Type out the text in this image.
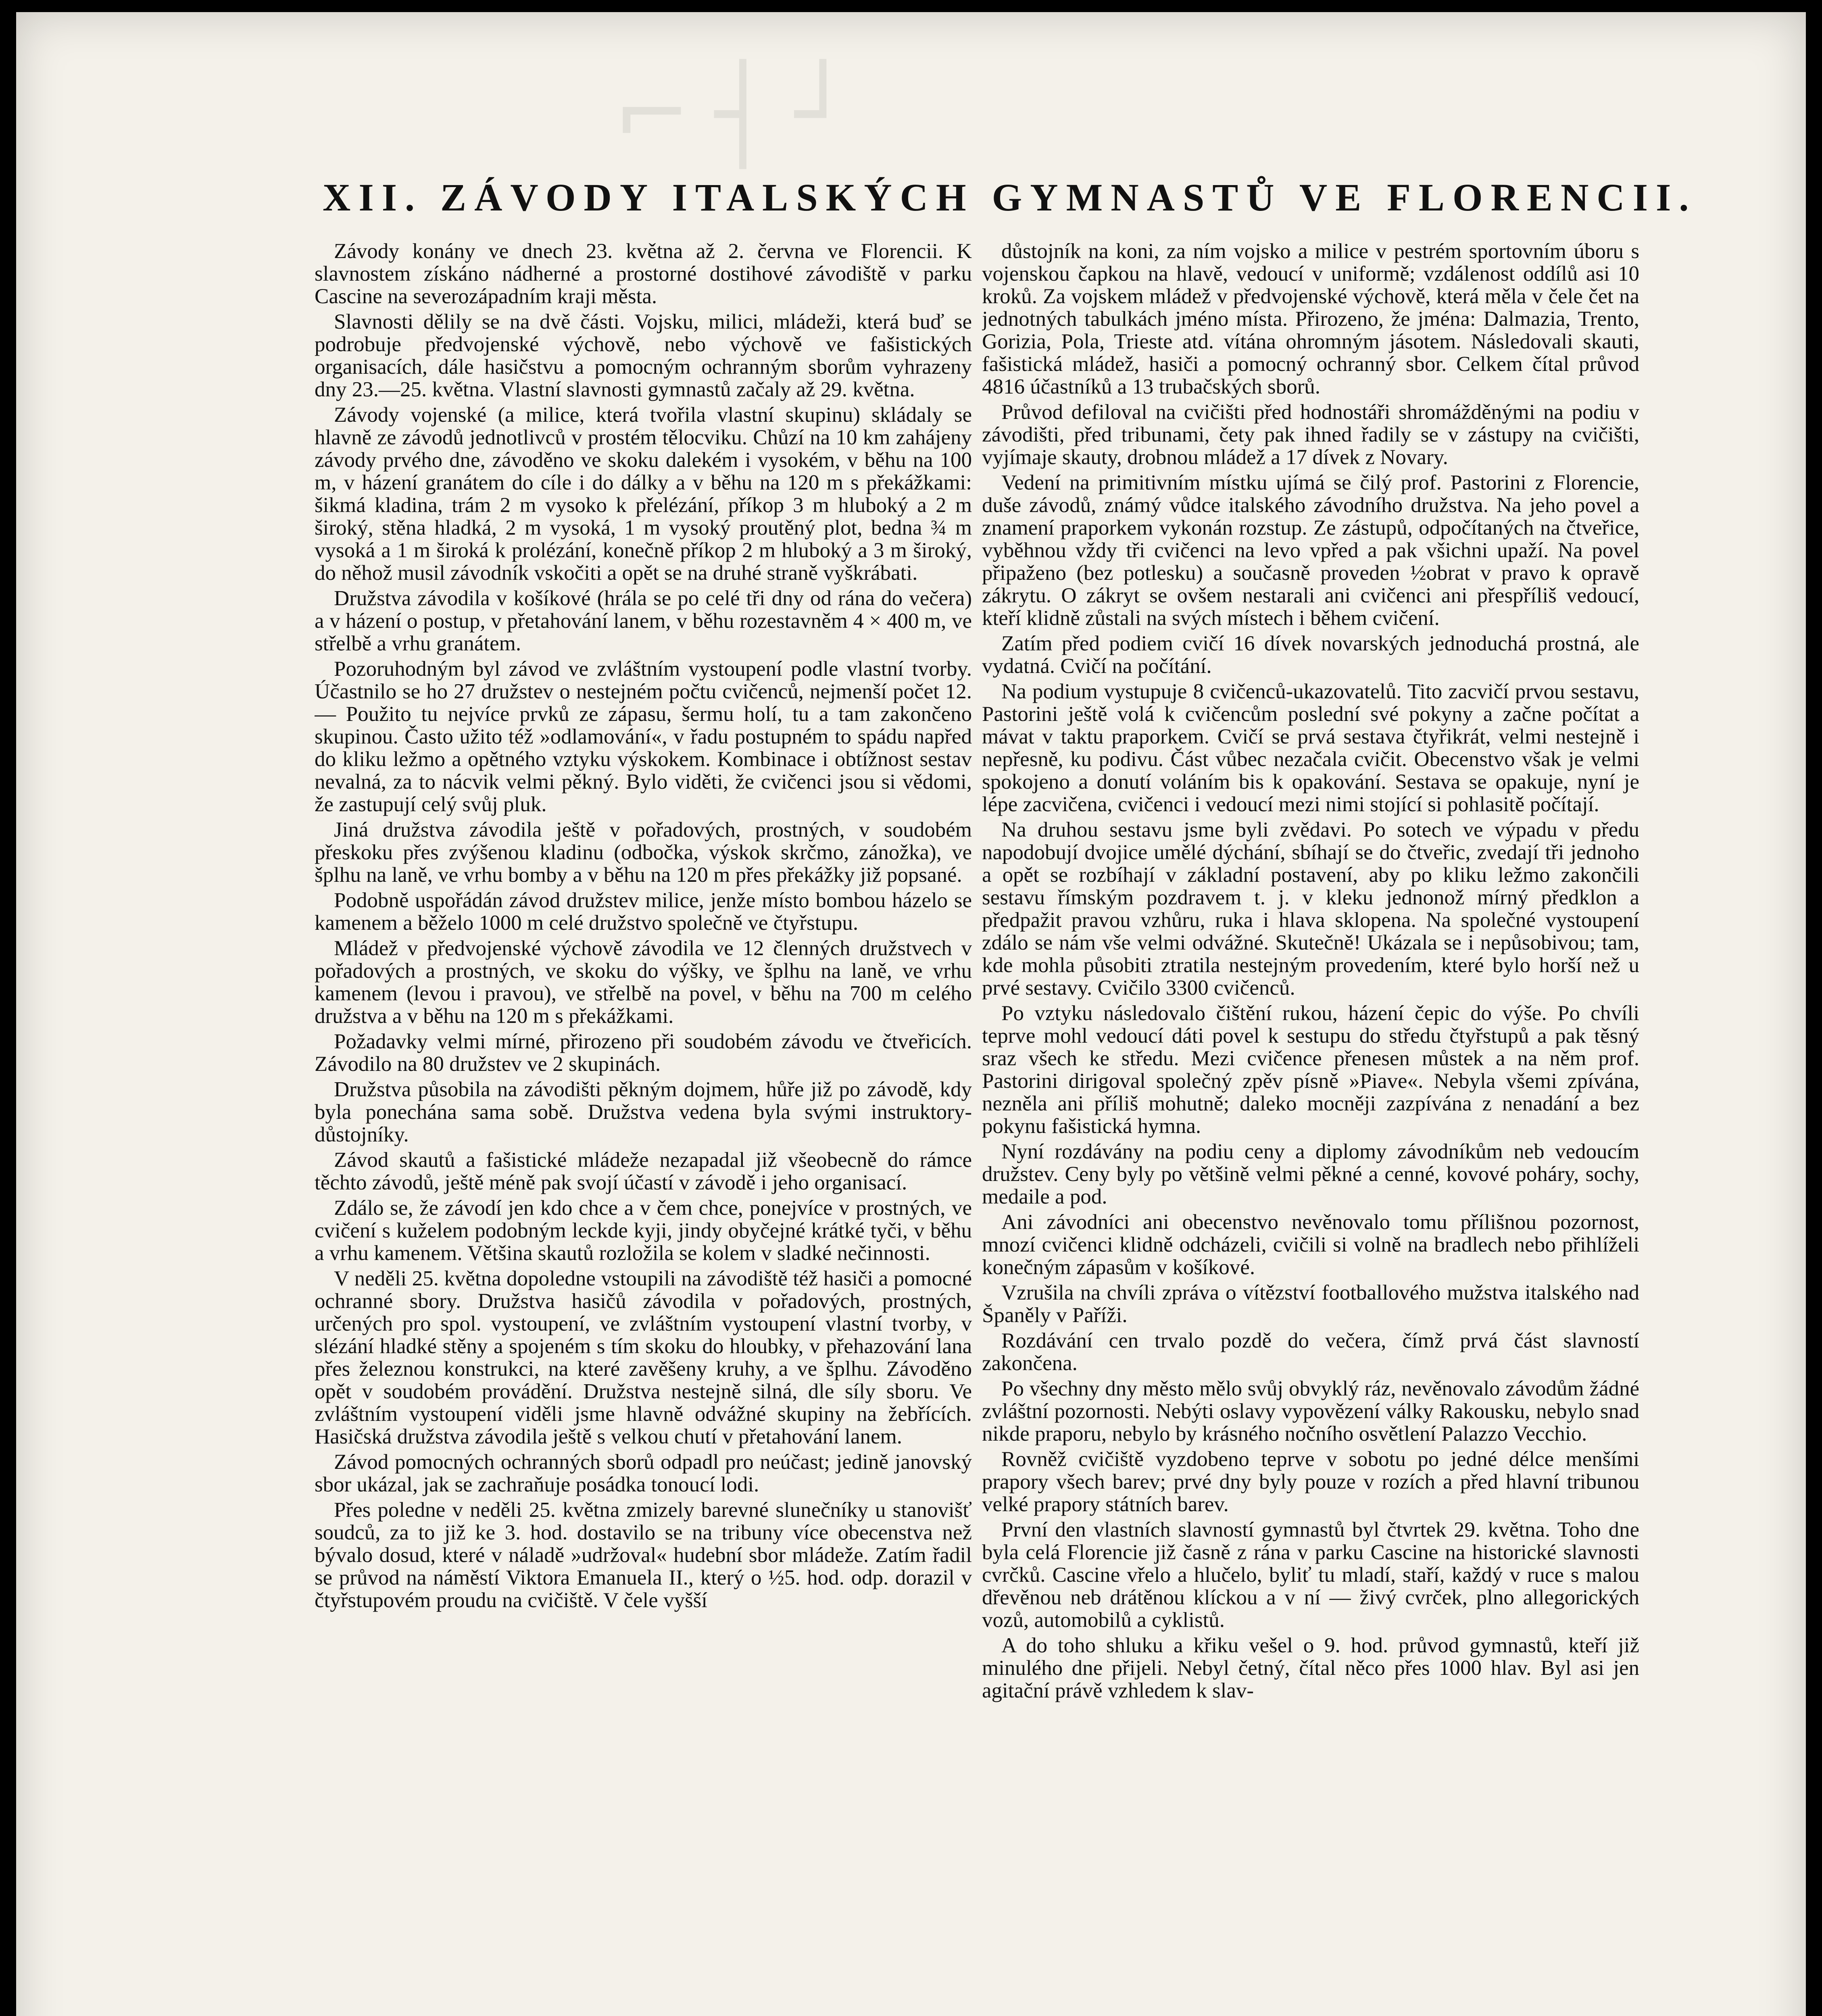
⌐┤┘
XII. ZÁVODY ITALSKÝCH GYMNASTŮ VE FLORENCII.

Závody konány ve dnech 23. května až 2. června ve Florencii. K slavnostem získáno nádherné a prostorné dostihové závodiště v parku Cascine na severozápadním kraji města.

Slavnosti dělily se na dvě části. Vojsku, milici, mládeži, která buď se podrobuje předvojenské výchově, nebo výchově ve fašistických organisacích, dále hasičstvu a pomocným ochranným sborům vyhrazeny dny 23.—25. května. Vlastní slavnosti gymnastů začaly až 29. května.

Závody vojenské (a milice, která tvořila vlastní skupinu) skládaly se hlavně ze závodů jednotlivců v prostém tělocviku. Chůzí na 10 km zahájeny závody prvého dne, závoděno ve skoku dalekém i vysokém, v běhu na 100 m, v házení granátem do cíle i do dálky a v běhu na 120 m s překážkami: šikmá kladina, trám 2 m vysoko k přelézání, příkop 3 m hluboký a 2 m široký, stěna hladká, 2 m vysoká, 1 m vysoký proutěný plot, bedna ¾ m vysoká a 1 m široká k prolézání, konečně příkop 2 m hluboký a 3 m široký, do něhož musil závodník vskočiti a opět se na druhé straně vyškrábati.

Družstva závodila v košíkové (hrála se po celé tři dny od rána do večera) a v házení o postup, v přetahování lanem, v běhu rozestavněm 4 × 400 m, ve střelbě a vrhu granátem.

Pozoruhodným byl závod ve zvláštním vystoupení podle vlastní tvorby. Účastnilo se ho 27 družstev o nestejném počtu cvičenců, nejmenší počet 12. — Použito tu nejvíce prvků ze zápasu, šermu holí, tu a tam zakončeno skupinou. Často užito též »odlamování«, v řadu postupném to spádu napřed do kliku ležmo a opětného vztyku výskokem. Kombinace i obtížnost sestav nevalná, za to nácvik velmi pěkný. Bylo viděti, že cvičenci jsou si vědomi, že zastupují celý svůj pluk.

Jiná družstva závodila ještě v pořadových, prostných, v soudobém přeskoku přes zvýšenou kladinu (odbočka, výskok skrčmo, zánožka), ve šplhu na laně, ve vrhu bomby a v běhu na 120 m přes překážky již popsané.

Podobně uspořádán závod družstev milice, jenže místo bombou házelo se kamenem a běželo 1000 m celé družstvo společně ve čtyřstupu.

Mládež v předvojenské výchově závodila ve 12 členných družstvech v pořadových a prostných, ve skoku do výšky, ve šplhu na laně, ve vrhu kamenem (levou i pravou), ve střelbě na povel, v běhu na 700 m celého družstva a v běhu na 120 m s překážkami.

Požadavky velmi mírné, přirozeno při soudobém závodu ve čtveřicích. Závodilo na 80 družstev ve 2 skupinách.

Družstva působila na závodišti pěkným dojmem, hůře již po závodě, kdy byla ponechána sama sobě. Družstva vedena byla svými instruktory-důstojníky.

Závod skautů a fašistické mládeže nezapadal již všeobecně do rámce těchto závodů, ještě méně pak svojí účastí v závodě i jeho organisací.

Zdálo se, že závodí jen kdo chce a v čem chce, ponejvíce v prostných, ve cvičení s kuželem podobným leckde kyji, jindy obyčejné krátké tyči, v běhu a vrhu kamenem. Většina skautů rozložila se kolem v sladké nečinnosti.

V neděli 25. května dopoledne vstoupili na závodiště též hasiči a pomocné ochranné sbory. Družstva hasičů závodila v pořadových, prostných, určených pro spol. vystoupení, ve zvláštním vystoupení vlastní tvorby, v slézání hladké stěny a spojeném s tím skoku do hloubky, v přehazování lana přes železnou konstrukci, na které zavěšeny kruhy, a ve šplhu. Závoděno opět v soudobém provádění. Družstva nestejně silná, dle síly sboru. Ve zvláštním vystoupení viděli jsme hlavně odvážné skupiny na žebřících. Hasičská družstva závodila ještě s velkou chutí v přetahování lanem.

Závod pomocných ochranných sborů odpadl pro neúčast; jedině janovský sbor ukázal, jak se zachraňuje posádka tonoucí lodi.

Přes poledne v neděli 25. května zmizely barevné slunečníky u stanovišť soudců, za to již ke 3. hod. dostavilo se na tribuny více obecenstva než bývalo dosud, které v náladě »udržoval« hudební sbor mládeže. Zatím řadil se průvod na náměstí Viktora Emanuela II., který o ½5. hod. odp. dorazil v čtyřstupovém proudu na cvičiště. V čele vyšší

důstojník na koni, za ním vojsko a milice v pestrém sportovním úboru s vojenskou čapkou na hlavě, vedoucí v uniformě; vzdálenost oddílů asi 10 kroků. Za vojskem mládež v předvojenské výchově, která měla v čele čet na jednotných tabulkách jméno místa. Přirozeno, že jména: Dalmazia, Trento, Gorizia, Pola, Trieste atd. vítána ohromným jásotem. Následovali skauti, fašistická mládež, hasiči a pomocný ochranný sbor. Celkem čítal průvod 4816 účastníků a 13 trubačských sborů.

Průvod defiloval na cvičišti před hodnostáři shromážděnými na podiu v závodišti, před tribunami, čety pak ihned řadily se v zástupy na cvičišti, vyjímaje skauty, drobnou mládež a 17 dívek z Novary.

Vedení na primitivním místku ujímá se čilý prof. Pastorini z Florencie, duše závodů, známý vůdce italského závodního družstva. Na jeho povel a znamení praporkem vykonán rozstup. Ze zástupů, odpočítaných na čtveřice, vyběhnou vždy tři cvičenci na levo vpřed a pak všichni upaží. Na povel připaženo (bez potlesku) a současně proveden ½obrat v pravo k opravě zákrytu. O zákryt se ovšem nestarali ani cvičenci ani přespříliš vedoucí, kteří klidně zůstali na svých místech i během cvičení.

Zatím před podiem cvičí 16 dívek novarských jednoduchá prostná, ale vydatná. Cvičí na počítání.

Na podium vystupuje 8 cvičenců-ukazovatelů. Tito zacvičí prvou sestavu, Pastorini ještě volá k cvičencům poslední své pokyny a začne počítat a mávat v taktu praporkem. Cvičí se prvá sestava čtyřikrát, velmi nestejně i nepřesně, ku podivu. Část vůbec nezačala cvičit. Obecenstvo však je velmi spokojeno a donutí voláním bis k opakování. Sestava se opakuje, nyní je lépe zacvičena, cvičenci i vedoucí mezi nimi stojící si pohlasitě počítají.

Na druhou sestavu jsme byli zvědavi. Po sotech ve výpadu v předu napodobují dvojice umělé dýchání, sbíhají se do čtveřic, zvedají tři jednoho a opět se rozbíhají v základní postavení, aby po kliku ležmo zakončili sestavu římským pozdravem t. j. v kleku jednonož mírný předklon a předpažit pravou vzhůru, ruka i hlava sklopena. Na společné vystoupení zdálo se nám vše velmi odvážné. Skutečně! Ukázala se i nepůsobivou; tam, kde mohla působiti ztratila nestejným provedením, které bylo horší než u prvé sestavy. Cvičilo 3300 cvičenců.

Po vztyku následovalo čištění rukou, házení čepic do výše. Po chvíli teprve mohl vedoucí dáti povel k sestupu do středu čtyřstupů a pak těsný sraz všech ke středu. Mezi cvičence přenesen můstek a na něm prof. Pastorini dirigoval společný zpěv písně »Piave«. Nebyla všemi zpívána, nezněla ani příliš mohutně; daleko mocněji zazpívána z nenadání a bez pokynu fašistická hymna.

Nyní rozdávány na podiu ceny a diplomy závodníkům neb vedoucím družstev. Ceny byly po většině velmi pěkné a cenné, kovové poháry, sochy, medaile a pod.

Ani závodníci ani obecenstvo nevěnovalo tomu přílišnou pozornost, mnozí cvičenci klidně odcházeli, cvičili si volně na bradlech nebo přihlíželi konečným zápasům v košíkové.

Vzrušila na chvíli zpráva o vítězství footballového mužstva italského nad Španěly v Paříži.

Rozdávání cen trvalo pozdě do večera, čímž prvá část slavností zakončena.

Po všechny dny město mělo svůj obvyklý ráz, nevěnovalo závodům žádné zvláštní pozornosti. Nebýti oslavy vypovězení války Rakousku, nebylo snad nikde praporu, nebylo by krásného nočního osvětlení Palazzo Vecchio.

Rovněž cvičiště vyzdobeno teprve v sobotu po jedné délce menšími prapory všech barev; prvé dny byly pouze v rozích a před hlavní tribunou velké prapory státních barev.

První den vlastních slavností gymnastů byl čtvrtek 29. května. Toho dne byla celá Florencie již časně z rána v parku Cascine na historické slavnosti cvrčků. Cascine vřelo a hlučelo, byliť tu mladí, staří, každý v ruce s malou dřevěnou neb drátěnou klíckou a v ní — živý cvrček, plno allegorických vozů, automobilů a cyklistů.

A do toho shluku a křiku vešel o 9. hod. průvod gymnastů, kteří již minulého dne přijeli. Nebyl četný, čítal něco přes 1000 hlav. Byl asi jen agitační právě vzhledem k slav-
